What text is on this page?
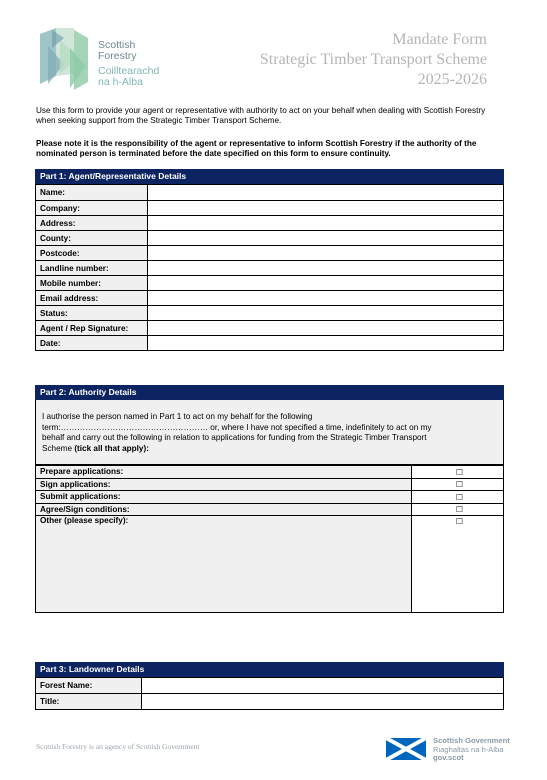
Scottish
Forestry
Coilltearachd
na h-Alba
Mandate Form
Strategic Timber Transport Scheme
2025-2026
Use this form to provide your agent or representative with authority to act on your behalf when dealing with Scottish Forestry when seeking support from the Strategic Timber Transport Scheme.
Please note it is the responsibility of the agent or representative to inform Scottish Forestry if the authority of the nominated person is terminated before the date specified on this form to ensure continuity.
Part 1: Agent/Representative Details
Name:	
Company:	
Address:	
County:	
Postcode:	
Landline number:	
Mobile number:	
Email address:	
Status:	
Agent / Rep Signature:	
Date:	
Part 2: Authority Details
I authorise the person named in Part 1 to act on my behalf for the following
term:……………………………………………… or, where I have not specified a time, indefinitely to act on my
behalf and carry out the following in relation to applications for funding from the Strategic Timber Transport
Scheme (tick all that apply):
Prepare applications:	☐
Sign applications:	☐
Submit applications:	☐
Agree/Sign conditions:	☐
Other (please specify):	☐
Part 3: Landowner Details
Forest Name:	
Title:	
Scottish Forestry is an agency of Scottish Government
Scottish Government
Riaghaltas na h-Alba
gov.scot
